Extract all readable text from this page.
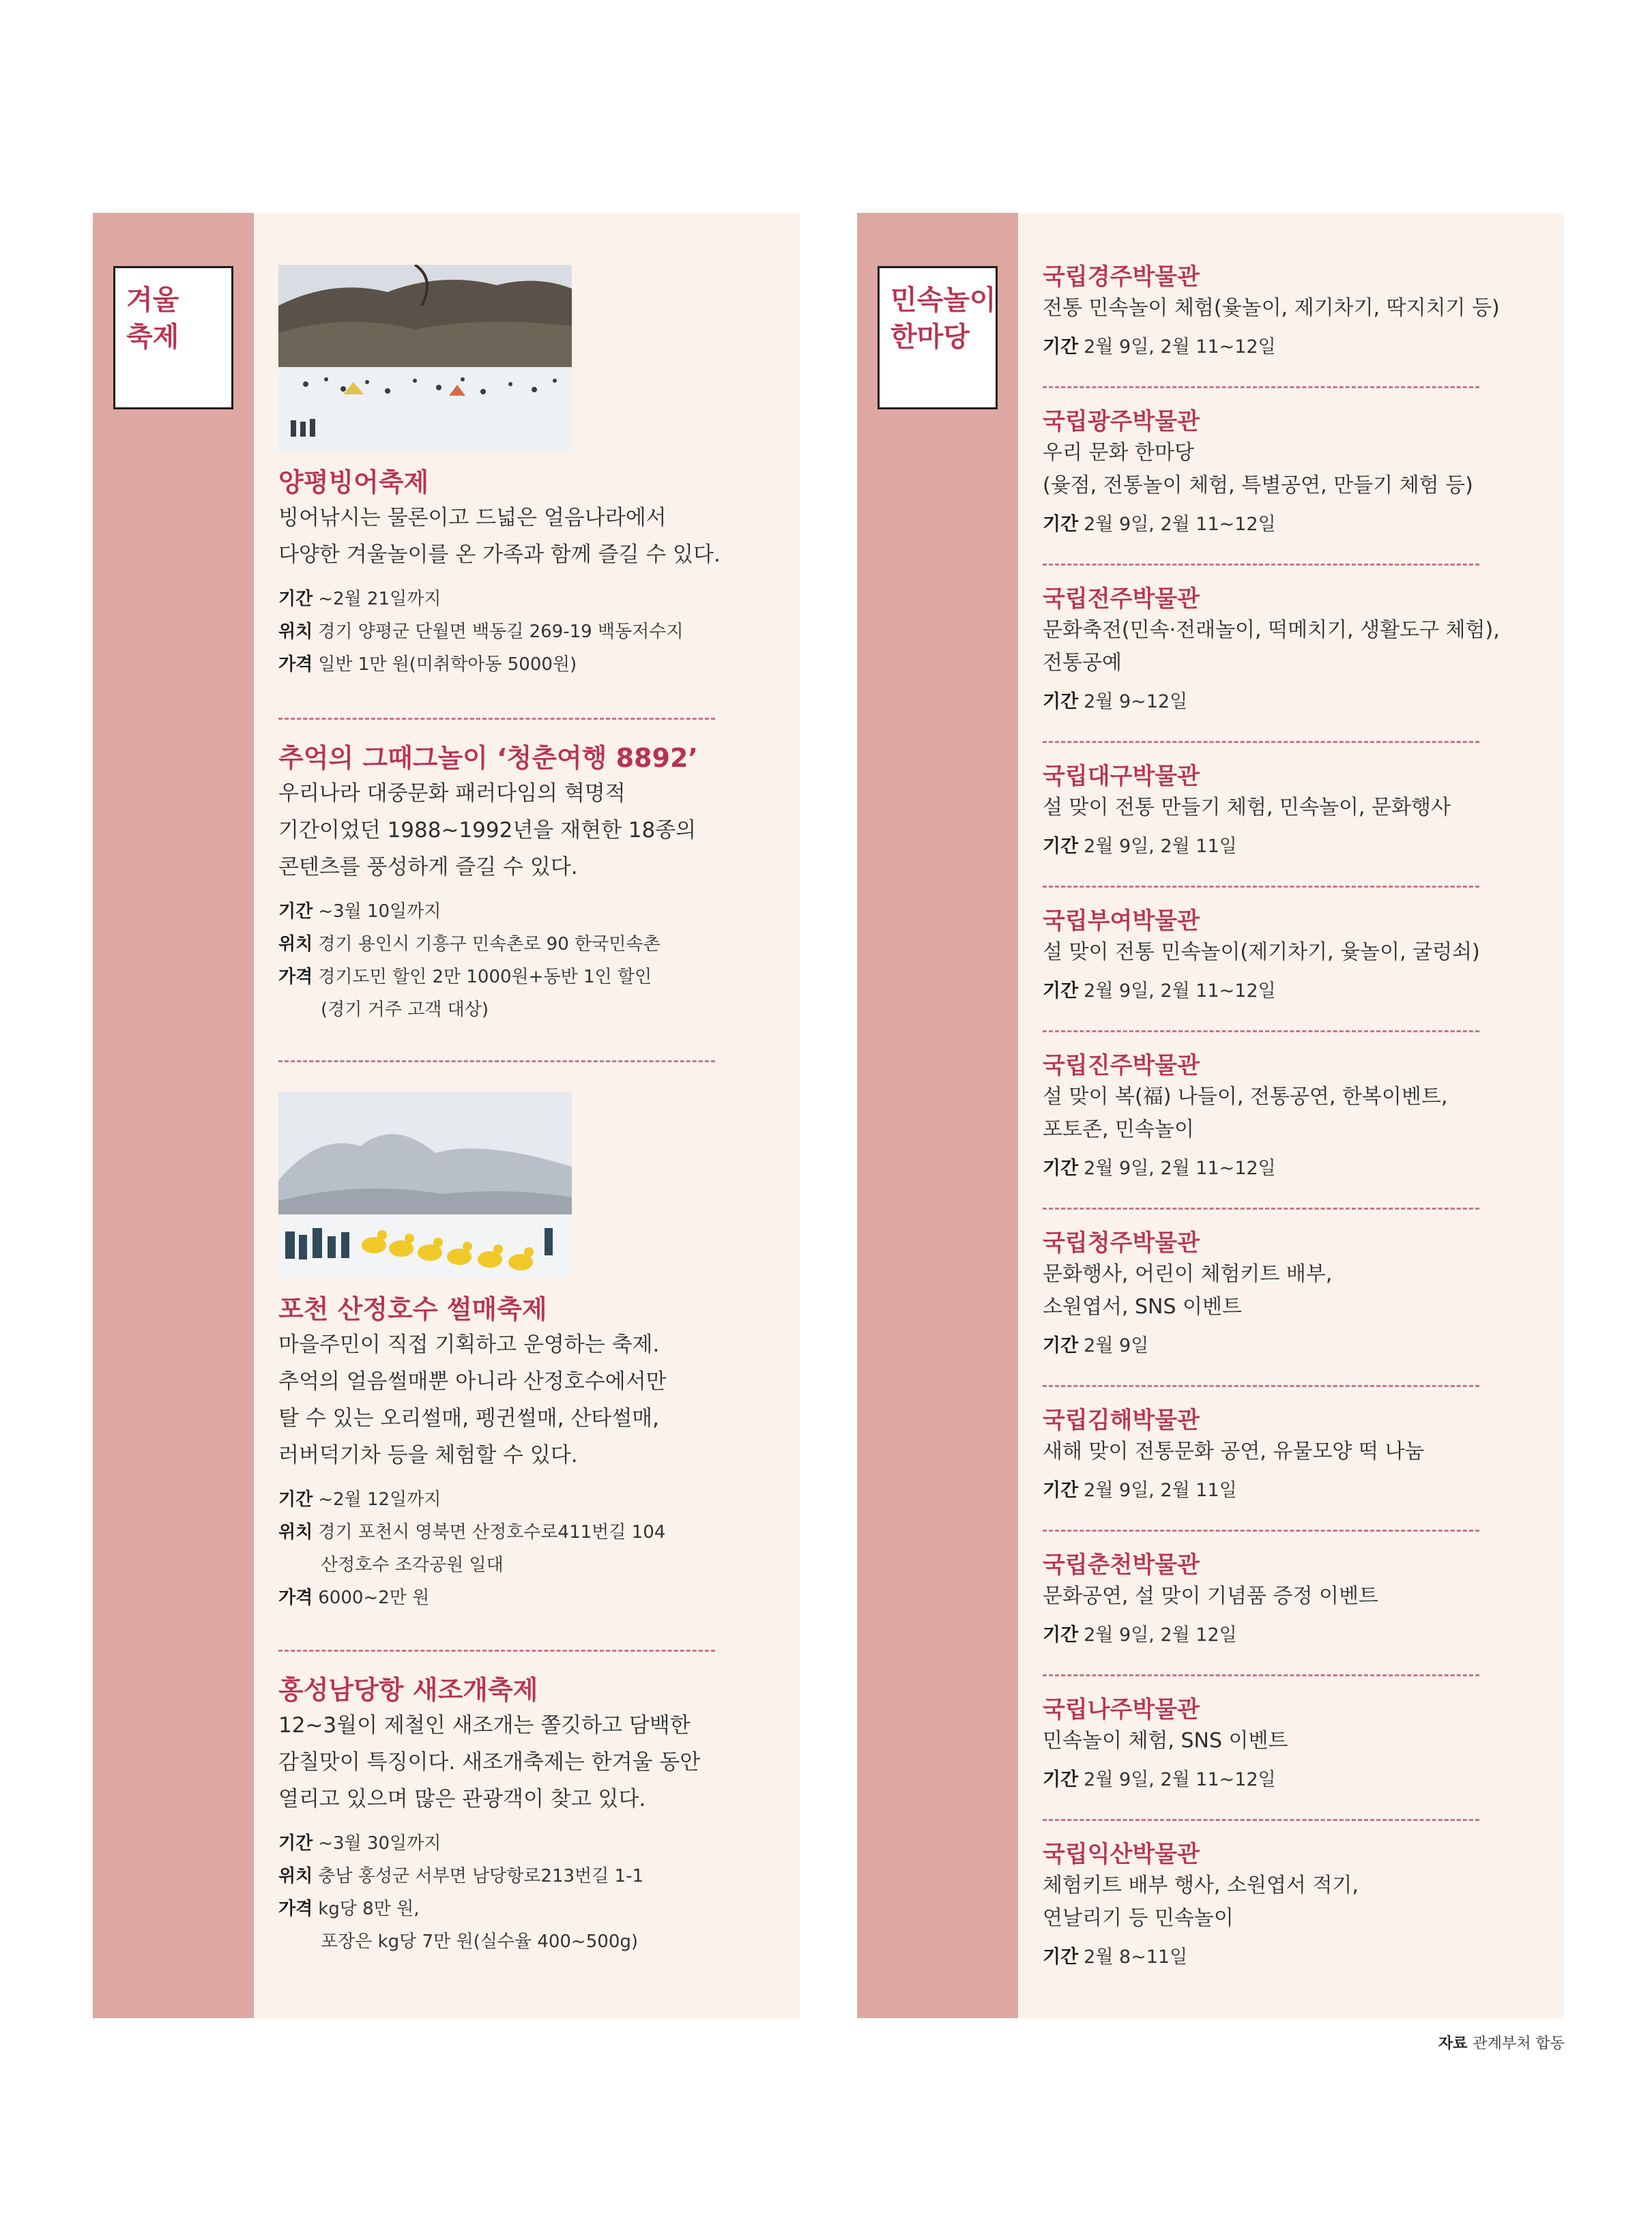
겨울
축제
양평빙어축제
빙어낚시는 물론이고 드넓은 얼음나라에서
다양한 겨울놀이를 온 가족과 함께 즐길 수 있다.
기간 ~2월 21일까지
위치 경기 양평군 단월면 백동길 269-19 백동저수지
가격 일반 1만 원(미취학아동 5000원)
추억의 그때그놀이 ‘청춘여행 8892’
우리나라 대중문화 패러다임의 혁명적
기간이었던 1988~1992년을 재현한 18종의
콘텐츠를 풍성하게 즐길 수 있다.
기간 ~3월 10일까지
위치 경기 용인시 기흥구 민속촌로 90 한국민속촌
가격 경기도민 할인 2만 1000원+동반 1인 할인
(경기 거주 고객 대상)
포천 산정호수 썰매축제
마을주민이 직접 기획하고 운영하는 축제.
추억의 얼음썰매뿐 아니라 산정호수에서만
탈 수 있는 오리썰매, 펭귄썰매, 산타썰매,
러버덕기차 등을 체험할 수 있다.
기간 ~2월 12일까지
위치 경기 포천시 영북면 산정호수로411번길 104
산정호수 조각공원 일대
가격 6000~2만 원
홍성남당항 새조개축제
12~3월이 제철인 새조개는 쫄깃하고 담백한
감칠맛이 특징이다. 새조개축제는 한겨울 동안
열리고 있으며 많은 관광객이 찾고 있다.
기간 ~3월 30일까지
위치 충남 홍성군 서부면 남당항로213번길 1-1
가격 kg당 8만 원,
포장은 kg당 7만 원(실수율 400~500g)
민속놀이
한마당
국립경주박물관
전통 민속놀이 체험(윷놀이, 제기차기, 딱지치기 등)
기간 2월 9일, 2월 11~12일
국립광주박물관
우리 문화 한마당
(윷점, 전통놀이 체험, 특별공연, 만들기 체험 등)
기간 2월 9일, 2월 11~12일
국립전주박물관
문화축전(민속·전래놀이, 떡메치기, 생활도구 체험),
전통공예
기간 2월 9~12일
국립대구박물관
설 맞이 전통 만들기 체험, 민속놀이, 문화행사
기간 2월 9일, 2월 11일
국립부여박물관
설 맞이 전통 민속놀이(제기차기, 윷놀이, 굴렁쇠)
기간 2월 9일, 2월 11~12일
국립진주박물관
설 맞이 복(福) 나들이, 전통공연, 한복이벤트,
포토존, 민속놀이
기간 2월 9일, 2월 11~12일
국립청주박물관
문화행사, 어린이 체험키트 배부,
소원엽서, SNS 이벤트
기간 2월 9일
국립김해박물관
새해 맞이 전통문화 공연, 유물모양 떡 나눔
기간 2월 9일, 2월 11일
국립춘천박물관
문화공연, 설 맞이 기념품 증정 이벤트
기간 2월 9일, 2월 12일
국립나주박물관
민속놀이 체험, SNS 이벤트
기간 2월 9일, 2월 11~12일
국립익산박물관
체험키트 배부 행사, 소원엽서 적기,
연날리기 등 민속놀이
기간 2월 8~11일
자료 관계부처 합동
